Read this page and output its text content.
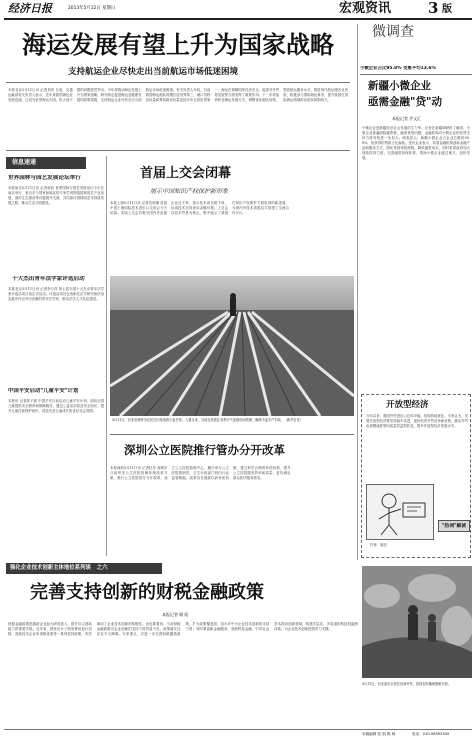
经济日报	2013年5月12日 星期日	宏观资讯 3 版
海运发展有望上升为国家战略
支持航运企业尽快走出当前航运市场低迷困境
本报北京5月11日讯 记者刘亮 日前，交通运输部有关负责人表示，近年来我国海运业发展迅速，已成为世界海运大国，但大而不强的问题依然突出。今年将推动海运发展上升为国家战略，研究制定促进海运业健康发展的政策措施，支持航运企业尽快走出当前航运市场低迷困境。有关负责人介绍，目前我国海运船队规模位居世界第三，港口货物吞吐量和集装箱吞吐量连续多年位居世界第一，海运在保障国家经济安全、促进对外贸易发展等方面发挥了重要作用。下一步将加快转变海运发展方式，调整优化船队结构，提高航运服务水平，推进现代航运服务业发展，积极参与国际海运事务，提升我国在国际海运领域的话语权和影响力。
信息速递
世界园林与园艺发展论坛举行
本报南京5月11日讯 记者蒋波 世界园林与园艺发展论坛今天在南京举行，来自多个国家和地区的专家学者围绕园林园艺产业发展、城市生态建设等议题展开交流，共同探讨园林园艺可持续发展之路，推动生态文明建设。
十大杰出青年法学家评选启动
本报北京5月11日讯 记者李万祥 第七届全国十大杰出青年法学家评选活动日前正式启动。评选活动旨在表彰在法学研究和法治实践中作出突出贡献的青年法学家，推动法学人才队伍建设。
中国平安启动"儿童平安"计划
本报讯 记者郭子源 中国平安日前启动儿童平安计划，面向全国儿童提供安全教育和保障服务，通过公益活动普及安全知识，提升儿童自我保护意识，营造关爱儿童成长的良好社会氛围。
首届上交会闭幕
展示中国知识产权保护新形象
本报上海5月11日讯 记者沈则瑾 首届中国上海国际技术进出口交易会今天闭幕。本届上交会共吸引国内外参展企业近千家，展示技术项目数千项，达成技术交易意向金额可观。上交会以技术贸易为核心，集中展示了我国在知识产权保护方面取得的新进展，为国内外技术供需双方搭建了交流合作平台。
5月11日，河北省黄骅市农民在田里查看小麦长势。入夏以来，当地农民抓住有利天气加强田间管理，确保小麦丰产丰收。（新华社发）
深圳公立医院推行管办分开改革
本报深圳5月11日讯 记者杜芳 深圳市日前印发公立医院管理体制改革方案，推行公立医院管办分开改革，成立公立医院管理中心，履行举办公立医院的职责，卫生行政部门回归行业监管职能。改革旨在破除以药补医机制，建立科学合理的补偿机制，提升公立医院服务效率和质量，更好满足群众医疗服务需求。
微调查
小微企业占比95.8% 受惠平均13.6%
新疆小微企业
亟需金融"贷"动
本报记者 乔文汇
小微企业是新疆经济社会发展的生力军。记者在新疆调研时了解到，小微企业普遍面临融资难、融资贵的问题，金融机构对小微企业的信贷支持力度有待进一步加大。调查显示，新疆小微企业占企业总数的95.8%，但获得的贷款占比偏低。受访企业表示，希望金融机构创新金融产品和服务方式，简化贷款审批流程，降低融资成本，同时希望政府加大财政扶持力度，完善融资担保体系，帮助小微企业渡过难关、加快发展。
开放型经济
今年以来，我国外贸进出口总体平稳，结构持续优化。专家认为，发展开放型经济要坚持稳中求进，加快培育外贸竞争新优势，推动外贸由规模速度型向质量效益型转变，提升开放型经济发展水平。
"热词"解读
作者：施亮
强化企业技术创新主体地位系列谈 之六
完善支持创新的财税金融政策
本报记者 顾 阳
财税金融政策是激励企业加大研发投入、提升自主创新能力的重要手段。近年来，国家出台了研发费用加计扣除、高新技术企业所得税优惠等一系列扶持政策，有效调动了企业技术创新的积极性。但也要看到，当前财税金融政策对企业创新的支持力度仍显不足，政策落实还存在不少障碍。专家建议，应进一步完善财税激励政策，扩大政策覆盖面，加大对中小企业技术创新的支持力度；同时要创新金融服务，发展科技金融，引导社会资本投向创新领域，构建多层次、多渠道的科技投融资体系，为企业技术创新提供有力支撑。
5月11日，河北某市农民在田间劳作，抢抓农时确保夏粮丰收。
本版编辑 张 凯 陈 杨	电话：010-58392345
